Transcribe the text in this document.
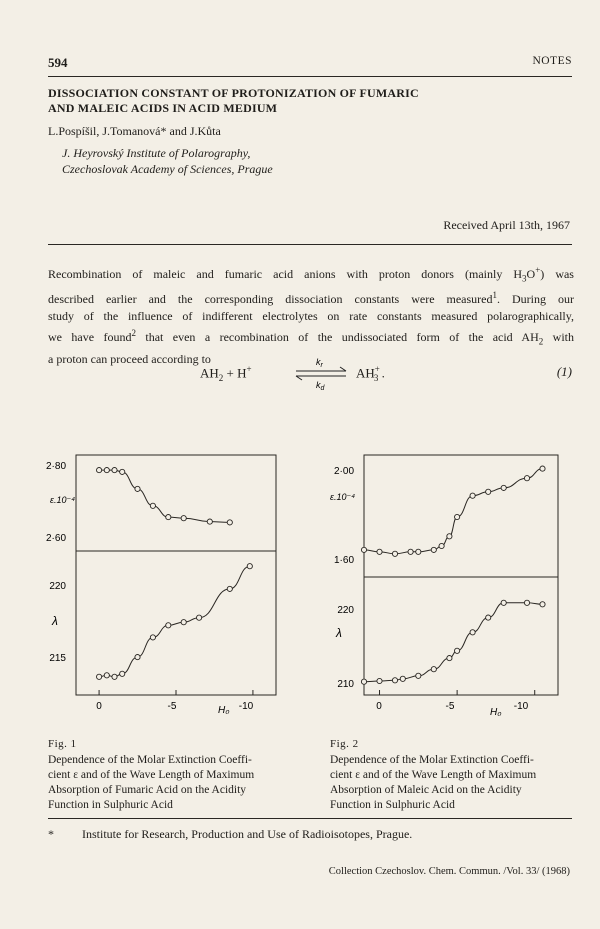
594	NOTES
DISSOCIATION CONSTANT OF PROTONIZATION OF FUMARIC
AND MALEIC ACIDS IN ACID MEDIUM
L.Pospíšil, J.Tomanová* and J.Kůta
J. Heyrovský Institute of Polarography,
Czechoslovak Academy of Sciences, Prague
Received April 13th, 1967
Recombination of maleic and fumaric acid anions with proton donors (mainly $H_3O^+$) was
described earlier and the corresponding dissociation constants were measured$^1$. During our
study of the influence of indifferent electrolytes on rate constants measured polarographically,
we have found$^2$ that even a recombination of the undissociated form of the acid $AH_2$ with
a proton can proceed according to
$AH_2 + H^+$
$k_r$
$k_d$
$AH^+_3$ .	(1)
2·80
2·60
ε.10⁻⁴
220
215
λ
0	-5	-10
H₀
2·00
1·60
ε.10⁻⁴
220
210
λ
0	-5	-10
H₀
Fig. 1
Dependence of the Molar Extinction Coeffi-
cient ε and of the Wave Length of Maximum
Absorption of Fumaric Acid on the Acidity
Function in Sulphuric Acid
Fig. 2
Dependence of the Molar Extinction Coeffi-
cient ε and of the Wave Length of Maximum
Absorption of Maleic Acid on the Acidity
Function in Sulphuric Acid
* Institute for Research, Production and Use of Radioisotopes, Prague.
Collection Czechoslov. Chem. Commun. /Vol. 33/ (1968)
